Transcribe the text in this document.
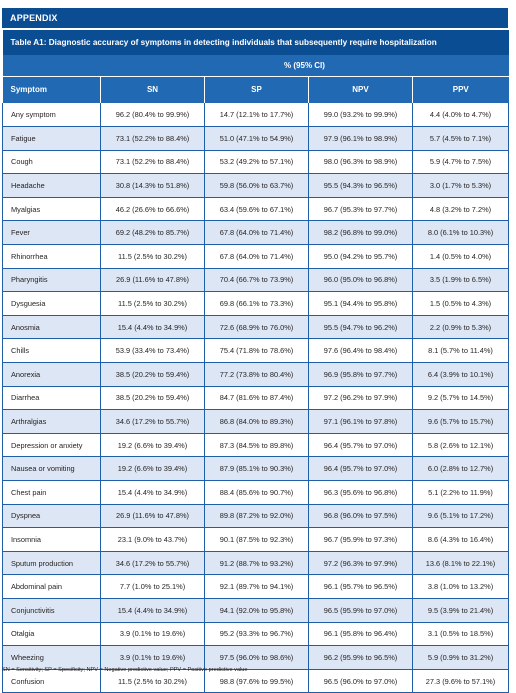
APPENDIX
Table A1: Diagnostic accuracy of symptoms in detecting individuals that subsequently require hospitalization				
	% (95% CI)			
Symptom	SN	SP	NPV	PPV
Any symptom	96.2 (80.4% to 99.9%)	14.7 (12.1% to 17.7%)	99.0 (93.2% to 99.9%)	4.4 (4.0% to 4.7%)
Fatigue	73.1 (52.2% to 88.4%)	51.0 (47.1% to 54.9%)	97.9 (96.1% to 98.9%)	5.7 (4.5% to 7.1%)
Cough	73.1 (52.2% to 88.4%)	53.2 (49.2% to 57.1%)	98.0 (96.3% to 98.9%)	5.9 (4.7% to 7.5%)
Headache	30.8 (14.3% to 51.8%)	59.8 (56.0% to 63.7%)	95.5 (94.3% to 96.5%)	3.0 (1.7% to 5.3%)
Myalgias	46.2 (26.6% to 66.6%)	63.4 (59.6% to 67.1%)	96.7 (95.3% to 97.7%)	4.8 (3.2% to 7.2%)
Fever	69.2 (48.2% to 85.7%)	67.8 (64.0% to 71.4%)	98.2 (96.8% to 99.0%)	8.0 (6.1% to 10.3%)
Rhinorrhea	11.5 (2.5% to 30.2%)	67.8 (64.0% to 71.4%)	95.0 (94.2% to 95.7%)	1.4 (0.5% to 4.0%)
Pharyngitis	26.9 (11.6% to 47.8%)	70.4 (66.7% to 73.9%)	96.0 (95.0% to 96.8%)	3.5 (1.9% to 6.5%)
Dysguesia	11.5 (2.5% to 30.2%)	69.8 (66.1% to 73.3%)	95.1 (94.4% to 95.8%)	1.5 (0.5% to 4.3%)
Anosmia	15.4 (4.4% to 34.9%)	72.6 (68.9% to 76.0%)	95.5 (94.7% to 96.2%)	2.2 (0.9% to 5.3%)
Chills	53.9 (33.4% to 73.4%)	75.4 (71.8% to 78.6%)	97.6 (96.4% to 98.4%)	8.1 (5.7% to 11.4%)
Anorexia	38.5 (20.2% to 59.4%)	77.2 (73.8% to 80.4%)	96.9 (95.8% to 97.7%)	6.4 (3.9% to 10.1%)
Diarrhea	38.5 (20.2% to 59.4%)	84.7 (81.6% to 87.4%)	97.2 (96.2% to 97.9%)	9.2 (5.7% to 14.5%)
Arthralgias	34.6 (17.2% to 55.7%)	86.8 (84.0% to 89.3%)	97.1 (96.1% to 97.8%)	9.6 (5.7% to 15.7%)
Depression or anxiety	19.2 (6.6% to 39.4%)	87.3 (84.5% to 89.8%)	96.4 (95.7% to 97.0%)	5.8 (2.6% to 12.1%)
Nausea or vomiting	19.2 (6.6% to 39.4%)	87.9 (85.1% to 90.3%)	96.4 (95.7% to 97.0%)	6.0 (2.8% to 12.7%)
Chest pain	15.4 (4.4% to 34.9%)	88.4 (85.6% to 90.7%)	96.3 (95.6% to 96.8%)	5.1 (2.2% to 11.9%)
Dyspnea	26.9 (11.6% to 47.8%)	89.8 (87.2% to 92.0%)	96.8 (96.0% to 97.5%)	9.6 (5.1% to 17.2%)
Insomnia	23.1 (9.0% to 43.7%)	90.1 (87.5% to 92.3%)	96.7 (95.9% to 97.3%)	8.6 (4.3% to 16.4%)
Sputum production	34.6 (17.2% to 55.7%)	91.2 (88.7% to 93.2%)	97.2 (96.3% to 97.9%)	13.6 (8.1% to 22.1%)
Abdominal pain	7.7 (1.0% to 25.1%)	92.1 (89.7% to 94.1%)	96.1 (95.7% to 96.5%)	3.8 (1.0% to 13.2%)
Conjunctivitis	15.4 (4.4% to 34.9%)	94.1 (92.0% to 95.8%)	96.5 (95.9% to 97.0%)	9.5 (3.9% to 21.4%)
Otalgia	3.9 (0.1% to 19.6%)	95.2 (93.3% to 96.7%)	96.1 (95.8% to 96.4%)	3.1 (0.5% to 18.5%)
Wheezing	3.9 (0.1% to 19.6%)	97.5 (96.0% to 98.6%)	96.2 (95.9% to 96.5%)	5.9 (0.9% to 31.2%)
Confusion	11.5 (2.5% to 30.2%)	98.8 (97.6% to 99.5%)	96.5 (96.0% to 97.0%)	27.3 (9.6% to 57.1%)
SN = Sensitivity; SP = Specificity; NPV = Negative predictive value; PPV = Positive predictive value
